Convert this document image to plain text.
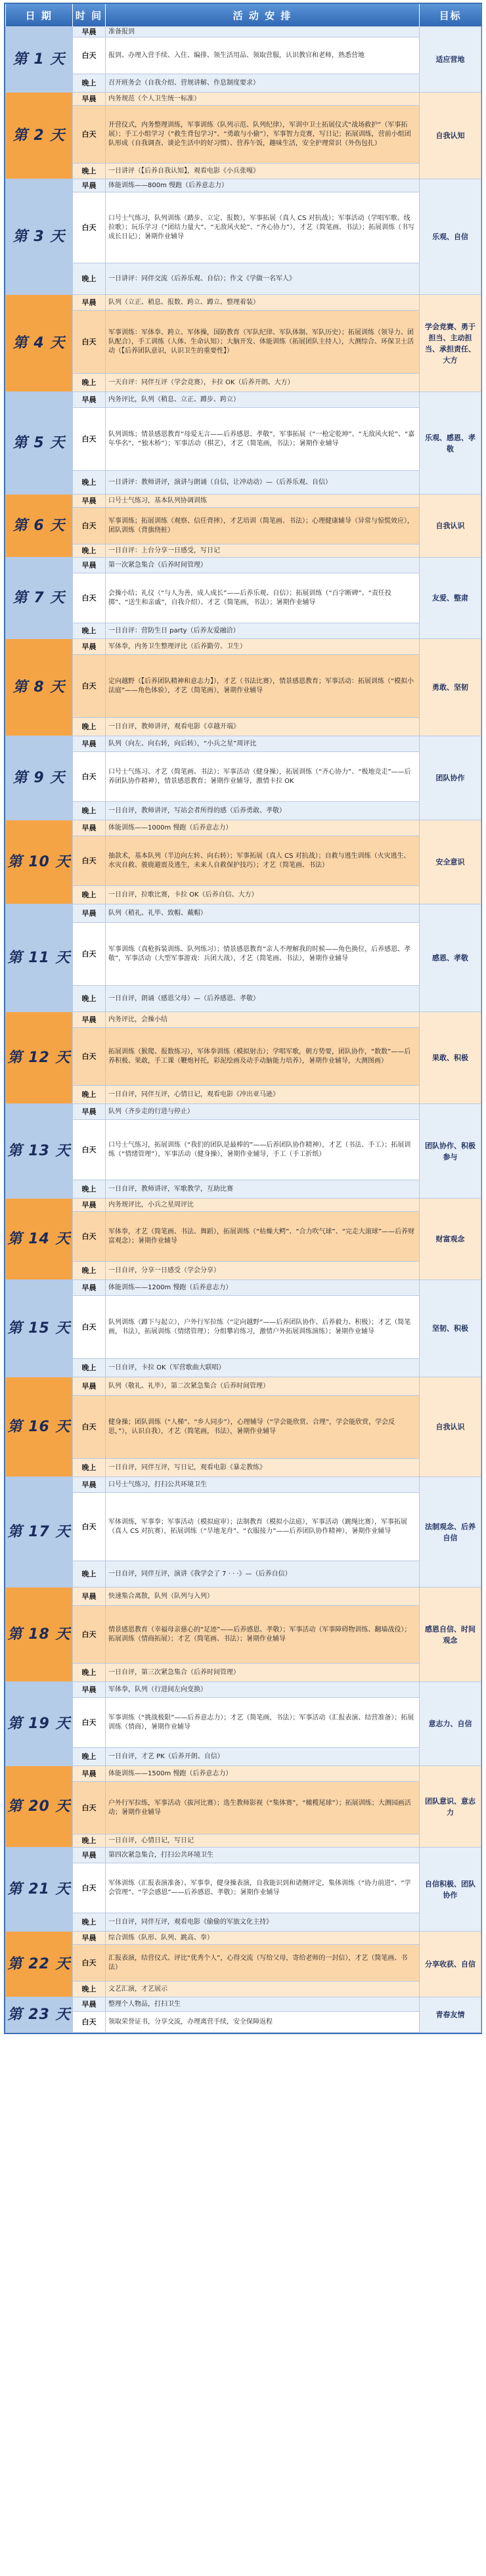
日 期	时 间	活 动 安 排	目标
第 1 天	早晨	准备报到	适应营地
	白天	报到、办理入营手续、入住、编排、领生活用品、领取营服，认识教官和老师，熟悉营地	
	晚上	召开班务会（自我介绍、营规讲解、作息制度要求）	
第 2 天	早晨	内务规范（个人卫生统一标准）	自我认知
	白天	开营仪式，内务整理训练，军事训练（队列示范、队列纪律），军训中卫士拓展仪式“战场救护”（军事拓展）；手工小组学习（“救生背包学习”、“勇敢与小偷”），军事智力竞赛，写日记；拓展训练，营前小组团队形成（自我调查、谈论生活中的好习惯）、营养午饭，趣味生活，安全护理常识（外伤包扎）	
	晚上	一日讲评（【后养自我认知】，观看电影《小兵张嘎》	
第 3 天	早晨	体能训练——800m 慢跑（后养意志力）	乐观、自信
	白天	口号士气练习，队列训练（踏步、立定、报数），军事拓展（真人 CS 对抗战）；军事活动（学唱军歌、线拉歌）；玩乐学习（“团结力量大”、“无敌风火轮”、“齐心协力”），才艺（简笔画、书法）；拓展训练（书写成长日记）；暑期作业辅导	
	晚上	一日讲评：同伴交流（后养乐观、自信）；作文《学做一名军人》	
第 4 天	早晨	队列（立正、稍息、报数、跨立、蹲立、整理着装）	学会竞赛、勇于担当、主动担当、承担责任、大方
	白天	军事训练：军体拳、跨立、军体操，国防教育（军队纪律、军队体制、军队历史）；拓展训练（领导力、团队配合），手工训练（人体、生命认知）；大脑开发、体能训练（拓展团队主持人），大测综合、环保卫士活动（【后养团队意识，认识卫生的重要性】）	
	晚上	一天自评：同伴互评（学会竞赛），卡拉 OK（后养开朗、大方）	
第 5 天	早晨	内务评比，队列（稍息、立正、蹲步、跨立）	乐观、感恩、孝敬
	白天	队列训练；情景感恩教育“母爱无言——后养感恩、孝敬”，军事拓展（“一枪定乾坤”、“无敌风火轮”、“嘉年华名”、“独木桥”）；军事活动（棋艺），才艺（简笔画，书法）；暑期作业辅导	
	晚上	一日讲评：教师讲评，演讲与朗诵（自信，让冲动动）—（后养乐观、自信）	
第 6 天	早晨	口号士气练习，基本队列协调训练	自我认识
	白天	军事训练；拓展训练（观察、信任背摔），才艺培训（简笔画、书法）；心理健康辅导（异常与惊慌效应），团队训练（背旗绕桩）	
	晚上	一日自评：上台分享一日感受，写日记	
第 7 天	早晨	第一次紧急集合（后养时间管理）	友爱、整肃
	白天	会操小结；礼仪（“与人为善，成人成长”——后养乐观、自信）；拓展训练（“百字断碑”、“责任投掷”、“送生和亲戚”，自我介绍）、才艺（简笔画，书法）；暑期作业辅导	
	晚上	一日自评：营防生日 party（后养友爱融洽）	
第 8 天	早晨	军体拳，内务卫生整理评比（后养勤劳、卫生）	勇敢、坚韧
	白天	定向越野（【后养团队精神和意志力】），才艺（书法比赛），情景感恩教育；军事活动：拓展训练（“模拟小法庭”——角色体验），才艺（简笔画），暑期作业辅导	
	晚上	一日自评，教师讲评，观看电影《卓越开端》	
第 9 天	早晨	队列（向左、向右转，向后转），“小兵之星”周评比	团队协作
	白天	口号士气练习、才艺（简笔画、书法）；军事活动（健身操），拓展训练（“齐心协力”、“极地竞走”——后养团队协作精神），情景感恩教育；暑期作业辅导，激情卡拉 OK	
	晚上	一日自评，教师讲评，写站会者所得的感（后养勇敢、孝敬）	
第 10 天	早晨	体能训练——1000m 慢跑（后养意志力）	安全意识
	白天	抽款术，基本队列（半边向左转、向右转）；军事拓展（真人 CS 对抗战）；自救与逃生训练（火灾逃生、水灾自救、骏鹿避震及逃生，未来人自救保护技巧）；才艺（简笔画、书法）	
	晚上	一日自评，拉歌比赛，卡拉 OK（后养自信、大方）	
第 11 天	早晨	队列（稍礼、礼毕、致帽、戴帽）	感恩、孝敬
	白天	军事训练（真枪拆装训练、队列练习）；情景感恩教育“亲人不理解我的时候——角色换位，后养感恩、孝敬”，军事活动（大型军事游戏：兵团大战），才艺（简笔画、书法），暑期作业辅导	
	晚上	一日自评，朗诵（感恩父母）—（后养感恩、孝敬）	
第 12 天	早晨	内务评比，会操小结	果敢、积极
	白天	拓展训练（猴爬、报数练习），军体拳训练（模拟射击）；学唱军歌，朝方势要，团队协作，“数数”——后养积极、果敢，手工课（鞭炮衬托，彩泥绘画及动手动脑能力培养），暑期作业辅导，大测图画）	
	晚上	一日自评，同伴互评，心情日记，观看电影《冲出亚马逊》	
第 13 天	早晨	队列（齐步走的行进与停止）	团队协作、积极参与
	白天	口号士气练习，拓展训练（“我们的团队是最棒的”——后养团队协作精神），才艺（书法、手工）；拓展训练（“情绪管理”），军事活动（健身操），暑期作业辅导，手工（手工折纸）	
	晚上	一日自评，教师讲评，军歌教学，互助比赛	
第 14 天	早晨	内务规评比，小兵之星周评比	财富观念
	白天	军体拳，才艺（简笔画、书法、舞蹈），拓展训练（“枯燥大鳄”、“合力吹气球”、“完走大滚球”——后养财富观念）；暑期作业辅导	
	晚上	一日自评，分享一日感受（学会分享）	
第 15 天	早晨	体能训练——1200m 慢跑（后养意志力）	坚韧、积极
	白天	队列训练（蹲下与起立），户外行军拉练（“定向越野”——后养团队协作、后养毅力、积极）；才艺（简笔画，书法），拓展训练（情绪管理）；分组攀岩练习，激情户外拓展训练演练）；暑期作业辅导	
	晚上	一日自评，卡拉 OK（军营歌曲大联唱）	
第 16 天	早晨	队列（敬礼、礼毕），第二次紧急集合（后养时间管理）	自我认识
	白天	健身操；团队训练（“人梯”、“乡人同步”），心理辅导（“学会能欣赏、合理”，学会能欣赏，学会反思，”），认识自我），才艺（简笔画，书法），暑期作业辅导	
	晚上	一日自评，同伴互评，写日记，观看电影《暴走教练》	
第 17 天	早晨	口号士气练习，打扫公共环境卫生	法制观念、后养自信
	白天	军体训练，军事拳；军事活动（模拟庭审）；法制教育（模拟小法庭），军事活动（跳绳比赛），军事拓展（真人 CS 对抗赛），拓展训练（“旱地龙舟”、“衣服接力”——后养团队协作精神），暑期作业辅导	
	晚上	一日自评，同伴互评，演讲《我学会了 7 · · ·》—（后养自信）	
第 18 天	早晨	快速集合离散，队列（队列与入列）	感恩自信、时间观念
	白天	情景感恩教育（幸福母亲慈心的“足迹”——后养感恩、孝敬）；军事活动（军事障碍物训练、翻墙战役）；拓展训练（情商拓展）；才艺（简笔画、书法）；暑期作业辅导	
	晚上	一日自评，第三次紧急集合（后养时间管理）	
第 19 天	早晨	军体拳，队列（行进间左向变换）	意志力、自信
	白天	军事训练（“挑战极限”——后养意志力）；才艺（简笔画，书法）；军事活动（汇报表演、结营准备）；拓展训练（情商），暑期作业辅导	
	晚上	一日自评，才艺 PK（后养开朗、自信）	
第 20 天	早晨	体能训练——1500m 慢跑（后养意志力）	团队意识、意志力
	白天	户外行军拉练，军事活动（拔河比赛）；选生教师影视（“集体赛”，“橄榄尾球”）；拓展训练；大测园画活动；暑期作业辅导	
	晚上	一日自评，心情日记，写日记	
第 21 天	早晨	第四次紧急集合，打扫公共环境卫生	自信积极、团队协作
	白天	军体训练（汇报表演准备）、军事拳，健身操表演，自我能识到和诸侧评定，集体训练（“协力前进”、“学会管理”、“学会感恩”——后养感恩、孝敬）；暑期作业辅导	
	晚上	一日自评，同伴互评，观看电影《偷偷的军旅文化主持》	
第 22 天	早晨	综合训练（队形、队列、跳高、拳）	分享收获、自信
	白天	汇报表演，结营仪式、评比“优秀个人”，心得交流（写给父母，寄给老师的一封信），才艺（简笔画、书法）	
	晚上	文艺汇演，才艺展示	
第 23 天	早晨	整理个人物品，打扫卫生	青春友情
	白天	领取荣誉证书，分享交流，办理离营手续，安全保障返程	
